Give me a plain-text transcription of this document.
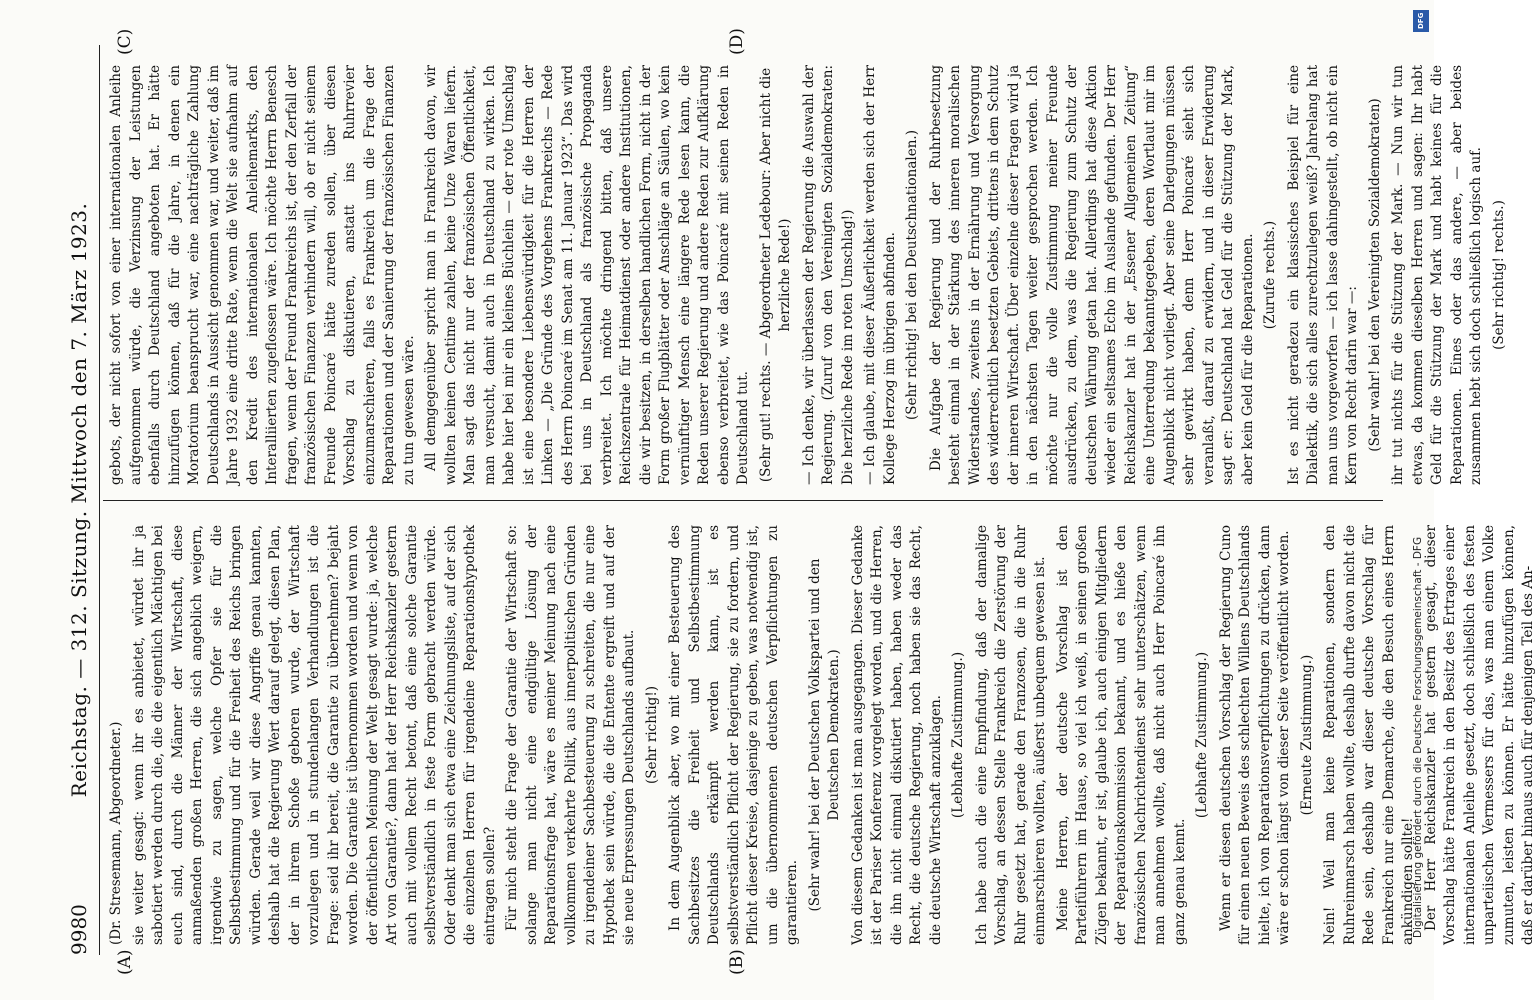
9980
Reichstag. — 312. Sitzung. Mittwoch den 7. März 1923.
(A)	(B)
(C)	(D)

(Dr. Stresemann, Abgeordneter.) sie weiter gesagt: wenn ihr es anbietet, würdet ihr ja sabotiert werden durch die, die die eigentlich Mächtigen bei euch sind, durch die Männer der Wirtschaft, diese anmaßenden großen Herren, die sich angeblich weigern, irgendwie zu sagen, welche Opfer sie für die Selbstbestimmung und für die Freiheit des Reichs bringen würden. Gerade weil wir diese Angriffe genau kannten, deshalb hat die Regierung Wert darauf gelegt, diesen Plan, der in ihrem Schoße geboren wurde, der Wirtschaft vorzulegen und in stundenlangen Verhandlungen ist die Frage: seid ihr bereit, die Garantie zu übernehmen? bejaht worden. Die Garantie ist übernommen worden und wenn von der öffentlichen Meinung der Welt gesagt wurde: ja, welche Art von Garantie?, dann hat der Herr Reichskanzler gestern auch mit vollem Recht betont, daß eine solche Garantie selbstverständlich in feste Form gebracht werden würde. Oder denkt man sich etwa eine Zeichnungsliste, auf der sich die einzelnen Herren für irgendeine Reparationshypothek eintragen sollen? Für mich steht die Frage der Garantie der Wirtschaft so: solange man nicht eine endgültige Lösung der Reparationsfrage hat, wäre es meiner Meinung nach eine vollkommen verkehrte Politik, aus innerpolitischen Gründen zu irgendeiner Sachbesteuerung zu schreiten, die nur eine Hypothek sein würde, die die Entente ergreift und auf der sie neue Erpressungen Deutschlands aufbaut. (Sehr richtig!) In dem Augenblick aber, wo mit einer Besteuerung des Sachbesitzes die Freiheit und Selbstbestimmung Deutschlands erkämpft werden kann, ist es selbstverständlich Pflicht der Regierung, sie zu fordern, und Pflicht dieser Kreise, dasjenige zu geben, was notwendig ist, um die übernommenen deutschen Verpflichtungen zu garantieren. (Sehr wahr! bei der Deutschen Volkspartei und den Deutschen Demokraten.) Von diesem Gedanken ist man ausgegangen. Dieser Gedanke ist der Pariser Konferenz vorgelegt worden, und die Herren, die ihn nicht einmal diskutiert haben, haben weder das Recht, die deutsche Regierung, noch haben sie das Recht, die deutsche Wirtschaft anzuklagen. (Lebhafte Zustimmung.) Ich habe auch die eine Empfindung, daß der damalige Vorschlag, an dessen Stelle Frankreich die Zerstörung der Ruhr gesetzt hat, gerade den Franzosen, die in die Ruhr einmarschieren wollten, äußerst unbequem gewesen ist. Meine Herren, der deutsche Vorschlag ist den Parteiführern im Hause, so viel ich weiß, in seinen großen Zügen bekannt, er ist, glaube ich, auch einigen Mitgliedern der Reparationskommission bekannt, und es hieße den französischen Nachrichtendienst sehr unterschätzen, wenn man annehmen wollte, daß nicht auch Herr Poincaré ihn ganz genau kennt.

(Lebhafte Zustimmung.) Wenn er diesen deutschen Vorschlag der Regierung Cuno für einen neuen Beweis des schlechten Willens Deutschlands hielte, ich von Reparationsverpflichtungen zu drücken, dann wäre er schon längst von dieser Seite veröffentlicht worden. (Erneute Zustimmung.) Nein! Weil man keine Reparationen, sondern den Ruhreinmarsch haben wollte, deshalb durfte davon nicht die Rede sein, deshalb war dieser deutsche Vorschlag für Frankreich nur eine Demarche, die den Besuch eines Herrn ankündigen sollte! Der Herr Reichskanzler hat gestern gesagt, dieser Vorschlag hätte Frankreich in den Besitz des Ertrages einer internationalen Anleihe gesetzt, doch schließlich des festen unparteiischen Vermessers für das, was man einem Volke zumuten, leisten zu können. Er hätte hinzufügen können, daß er darüber hinaus auch für denjenigen Teil des An-

gebots, der nicht sofort von einer internationalen Anleihe aufgenommen würde, die Verzinsung der Leistungen ebenfalls durch Deutschland angeboten hat. Er hätte hinzufügen können, daß für die Jahre, in denen ein Moratorium beansprucht war, eine nachträgliche Zahlung Deutschlands in Aussicht genommen war, und weiter, daß im Jahre 1932 eine dritte Rate, wenn die Welt sie aufnahm auf den Kredit des internationalen Anleihemarkts, den Interalliierten zugeflossen wäre. Ich möchte Herrn Benesch fragen, wenn der Freund Frankreichs ist, der den Zerfall der französischen Finanzen verhindern will, ob er nicht seinem Freunde Poincaré hätte zureden sollen, über diesen Vorschlag zu diskutieren, anstatt ins Ruhrrevier einzumarschieren, falls es Frankreich um die Frage der Reparationen und der Sanierung der französischen Finanzen zu tun gewesen wäre. All demgegenüber spricht man in Frankreich davon, wir wollten keinen Centime zahlen, keine Unze Waren liefern. Man sagt das nicht nur der französischen Öffentlichkeit, man versucht, damit auch in Deutschland zu wirken. Ich habe hier bei mir ein kleines Büchlein — der rote Umschlag ist eine besondere Liebenswürdigkeit für die Herren der Linken — „Die Gründe des Vorgehens Frankreichs — Rede des Herrn Poincaré im Senat am 11. Januar 1923“. Das wird bei uns in Deutschland als französische Propaganda verbreitet. Ich möchte dringend bitten, daß unsere Reichszentrale für Heimatdienst oder andere Institutionen, die wir besitzen, in derselben handlichen Form, nicht in der Form großer Flugblätter oder Anschläge an Säulen, wo kein vernünftiger Mensch eine längere Rede lesen kann, die Reden unserer Regierung und andere Reden zur Aufklärung ebenso verbreitet, wie das Poincaré mit seinen Reden in Deutschland tut. (Sehr gut! rechts. — Abgeordneter Ledebour: Aber nicht die herzliche Rede!) — Ich denke, wir überlassen der Regierung die Auswahl der Regierung. (Zuruf von den Vereinigten Sozialdemokraten: Die herzliche Rede im roten Umschlag!) — Ich glaube, mit dieser Äußerlichkeit werden sich der Herr Kollege Herzog im übrigen abfinden. (Sehr richtig! bei den Deutschnationalen.) Die Aufgabe der Regierung und der Ruhrbesetzung besteht einmal in der Stärkung des inneren moralischen Widerstandes, zweitens in der Ernährung und Versorgung des widerrechtlich besetzten Gebiets, drittens in dem Schutz der inneren Wirtschaft. Über einzelne dieser Fragen wird ja in den nächsten Tagen weiter gesprochen werden. Ich möchte nur die volle Zustimmung meiner Freunde ausdrücken, zu dem, was die Regierung zum Schutz der deutschen Währung getan hat. Allerdings hat diese Aktion wieder ein seltsames Echo im Auslande gefunden. Der Herr Reichskanzler hat in der „Essener Allgemeinen Zeitung“ eine Unterredung bekanntgegeben, deren Wortlaut mir im Augenblick nicht vorliegt. Aber seine Darlegungen müssen sehr gewirkt haben, denn Herr Poincaré sieht sich veranlaßt, darauf zu erwidern, und in dieser Erwiderung sagt er: Deutschland hat Geld für die Stützung der Mark, aber kein Geld für die Reparationen. (Zurufe rechts.) Ist es nicht geradezu ein klassisches Beispiel für eine Dialektik, die sich alles zurechtzulegen weiß? Jahrelang hat man uns vorgeworfen — ich lasse dahingestellt, ob nicht ein Kern von Recht darin war —: (Sehr wahr! bei den Vereinigten Sozialdemokraten) ihr tut nichts für die Stützung der Mark. — Nun wir tun etwas, da kommen dieselben Herren und sagen: Ihr habt Geld für die Stützung der Mark und habt keines für die Reparationen. Eines oder das andere, — aber beides zusammen hebt sich doch schließlich logisch auf. (Sehr richtig! rechts.)

DFG
Digitalisierung gefördert durch die Deutsche Forschungsgemeinschaft - DFG
